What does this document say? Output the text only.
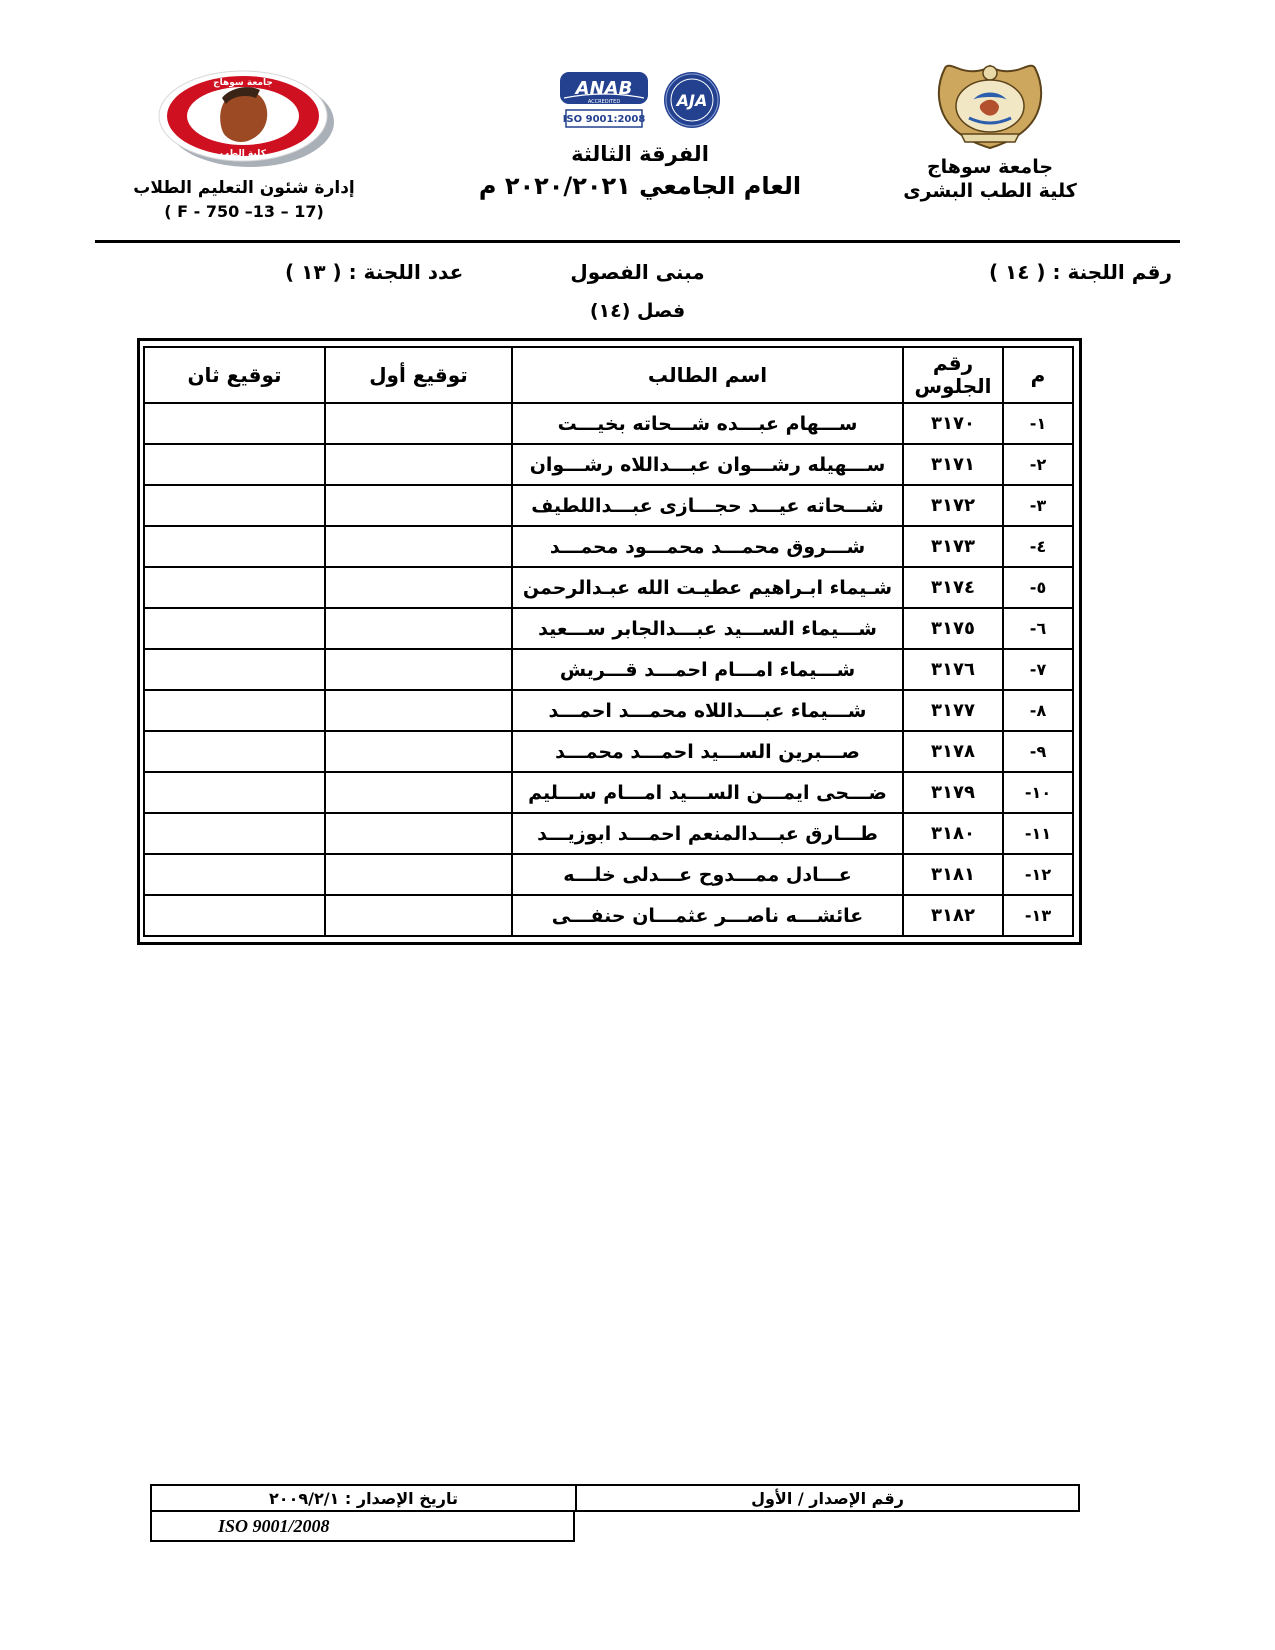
جامعة سوهاج
كلية الطب البشرى
ANAB
ACCREDITED
ISO 9001:2008
AJA
الفرقة الثالثة
العام الجامعي ٢٠٢٠/٢٠٢١ م
جامعة سوهاج
كلية الطب
إدارة شئون التعليم الطلاب
( F - 750 –13 – 17)
رقم اللجنة : ( ١٤ )
مبنى الفصول
عدد اللجنة : ( ١٣ )
فصل (١٤)
م	رقم الجلوس	اسم الطالب	توقيع أول	توقيع ثان
١-	٣١٧٠	ســـهام عبـــده شـــحاته بخيـــت		
٢-	٣١٧١	ســـهيله رشـــوان عبـــداللاه رشـــوان		
٣-	٣١٧٢	شـــحاته عيـــد حجـــازى عبـــداللطيف		
٤-	٣١٧٣	شـــروق محمـــد محمـــود محمـــد		
٥-	٣١٧٤	شـيماء ابـراهيم عطيـت الله عبـدالرحمن		
٦-	٣١٧٥	شـــيماء الســـيد عبـــدالجابر ســـعيد		
٧-	٣١٧٦	شـــيماء امـــام احمـــد قـــريش		
٨-	٣١٧٧	شـــيماء عبـــداللاه محمـــد احمـــد		
٩-	٣١٧٨	صـــبرين الســـيد احمـــد محمـــد		
١٠-	٣١٧٩	ضـــحى ايمـــن الســـيد امـــام ســـليم		
١١-	٣١٨٠	طـــارق عبـــدالمنعم احمـــد ابوزيـــد		
١٢-	٣١٨١	عـــادل ممـــدوح عـــدلى خلـــه		
١٣-	٣١٨٢	عائشـــه ناصـــر عثمـــان حنفـــى		
رقم الإصدار / الأول
تاريخ الإصدار : ٢٠٠٩/٢/١
ISO 9001/2008
